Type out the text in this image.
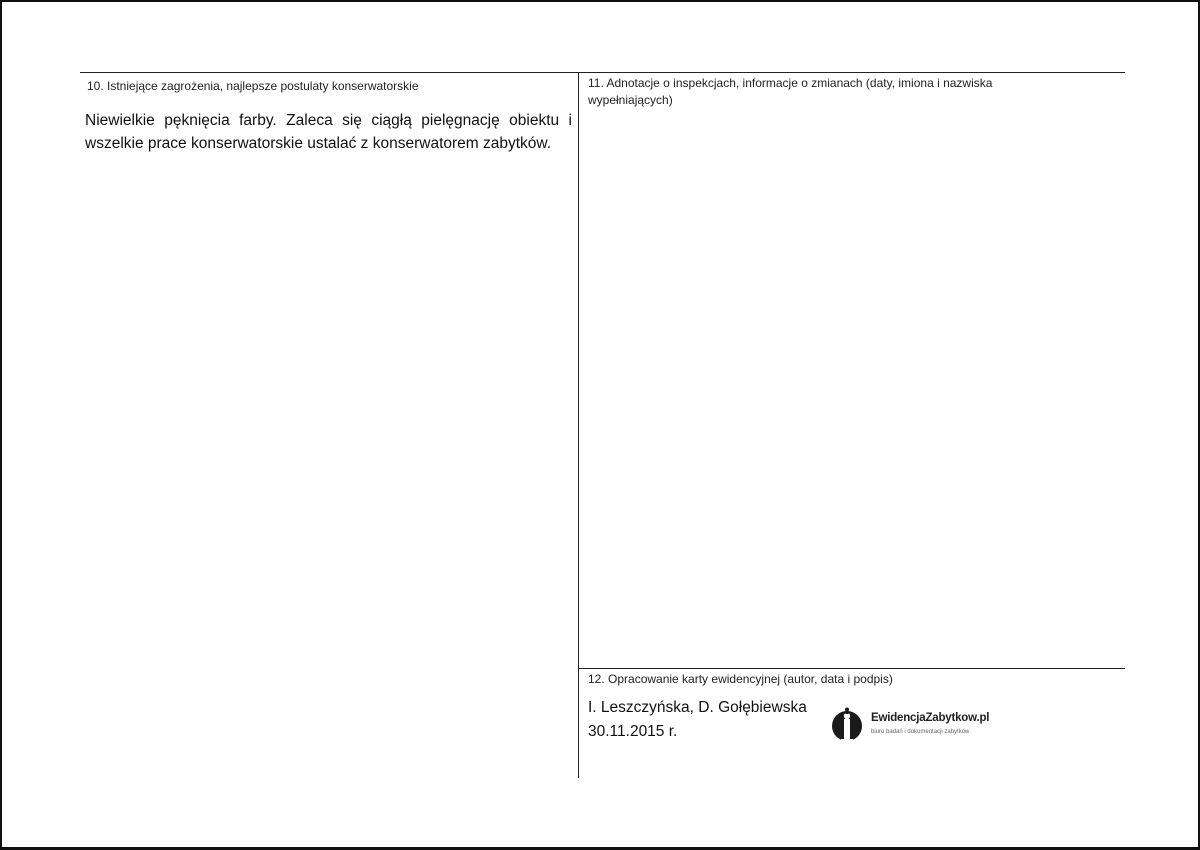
10. Istniejące zagrożenia, najlepsze postulaty konserwatorskie
Niewielkie pęknięcia farby. Zaleca się ciągłą pielęgnację obiektu i wszelkie prace konserwatorskie ustalać z konserwatorem zabytków.
11. Adnotacje o inspekcjach, informacje o zmianach (daty, imiona i nazwiska wypełniających)
12. Opracowanie karty ewidencyjnej (autor, data i podpis)
I. Leszczyńska, D. Gołębiewska
30.11.2015 r.
EwidencjaZabytkow.pl
biuro badań i dokumentacji zabytków
